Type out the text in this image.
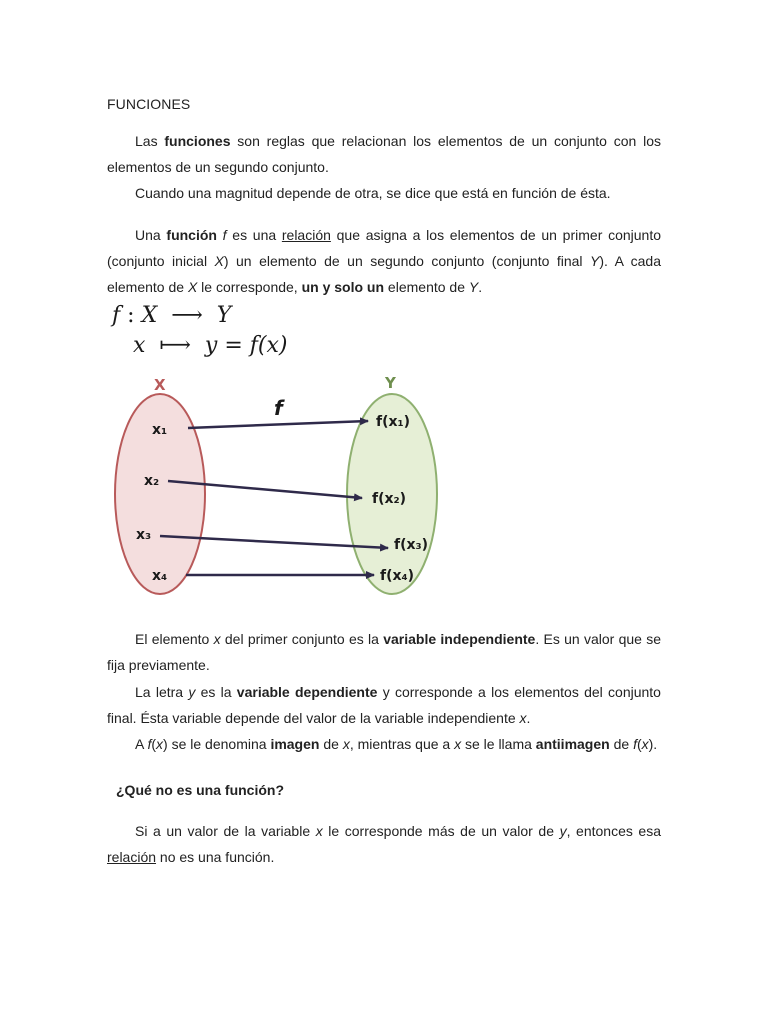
FUNCIONES

Las funciones son reglas que relacionan los elementos de un conjunto con los elementos de un segundo conjunto.

Cuando una magnitud depende de otra, se dice que está en función de ésta.

Una función f es una relación que asigna a los elementos de un primer conjunto (conjunto inicial X) un elemento de un segundo conjunto (conjunto final Y). A cada elemento de X le corresponde, un y solo un elemento de Y.

f : X  ⟶  Y
x  ⟼  y = f(x)
X	Y
f
x₁
x₂
x₃
x₄
f(x₁)
f(x₂)
f(x₃)
f(x₄)

El elemento x del primer conjunto es la variable independiente. Es un valor que se fija previamente.

La letra y es la variable dependiente y corresponde a los elementos del conjunto final. Ésta variable depende del valor de la variable independiente x.

A f(x) se le denomina imagen de x, mientras que a x se le llama antiimagen de f(x).

¿Qué no es una función?

Si a un valor de la variable x le corresponde más de un valor de y, entonces esa relación no es una función.
